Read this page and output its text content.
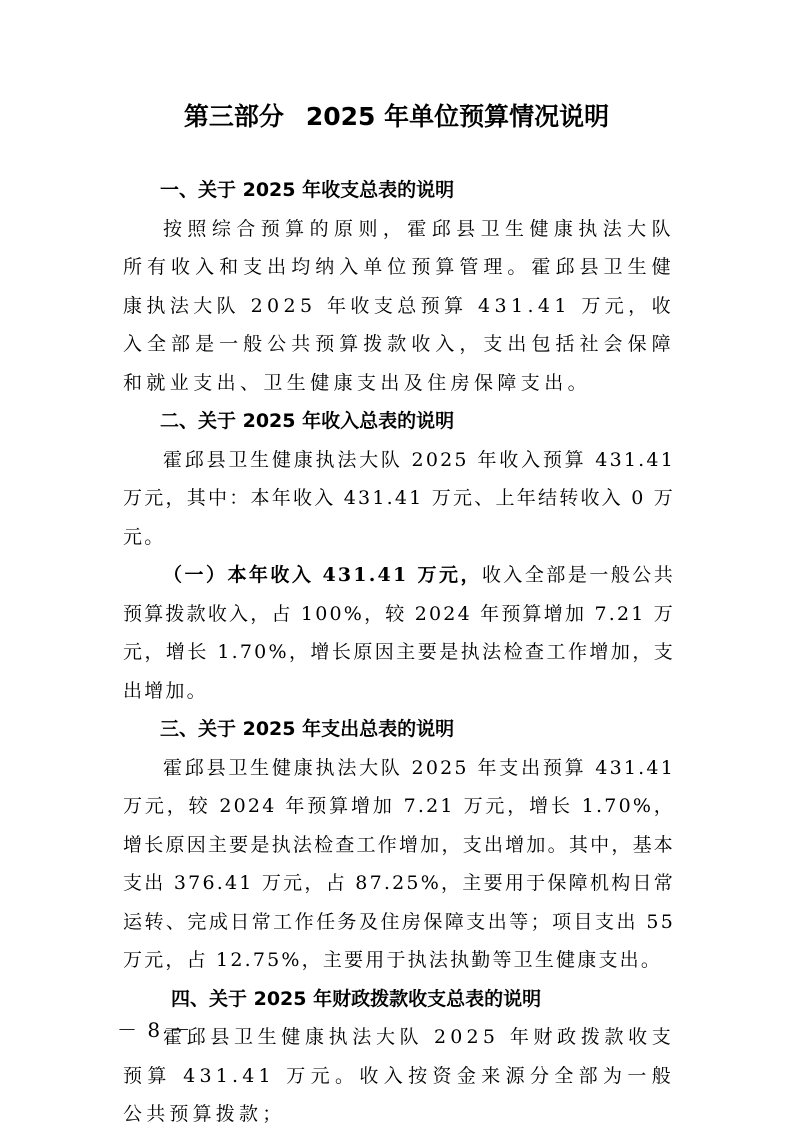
第三部分 2025 年单位预算情况说明
一、关于 2025 年收支总表的说明
按照综合预算的原则，霍邱县卫生健康执法大队所有收入和支出均纳入单位预算管理。霍邱县卫生健康执法大队 2025 年收支总预算 431.41 万元，收入全部是一般公共预算拨款收入，支出包括社会保障和就业支出、卫生健康支出及住房保障支出。
二、关于 2025 年收入总表的说明
霍邱县卫生健康执法大队 2025 年收入预算 431.41 万元，其中：本年收入 431.41 万元、上年结转收入 0 万元。
（一）本年收入 431.41 万元，收入全部是一般公共预算拨款收入，占 100%，较 2024 年预算增加 7.21 万元，增长 1.70%，增长原因主要是执法检查工作增加，支出增加。
三、关于 2025 年支出总表的说明
霍邱县卫生健康执法大队 2025 年支出预算 431.41 万元，较 2024 年预算增加 7.21 万元，增长 1.70%，增长原因主要是执法检查工作增加，支出增加。其中，基本支出 376.41 万元，占 87.25%，主要用于保障机构日常运转、完成日常工作任务及住房保障支出等；项目支出 55 万元，占 12.75%，主要用于执法执勤等卫生健康支出。
四、关于 2025 年财政拨款收支总表的说明
霍邱县卫生健康执法大队 2025 年财政拨款收支预算 431.41 万元。收入按资金来源分全部为一般公共预算拨款；
－ 8 －
